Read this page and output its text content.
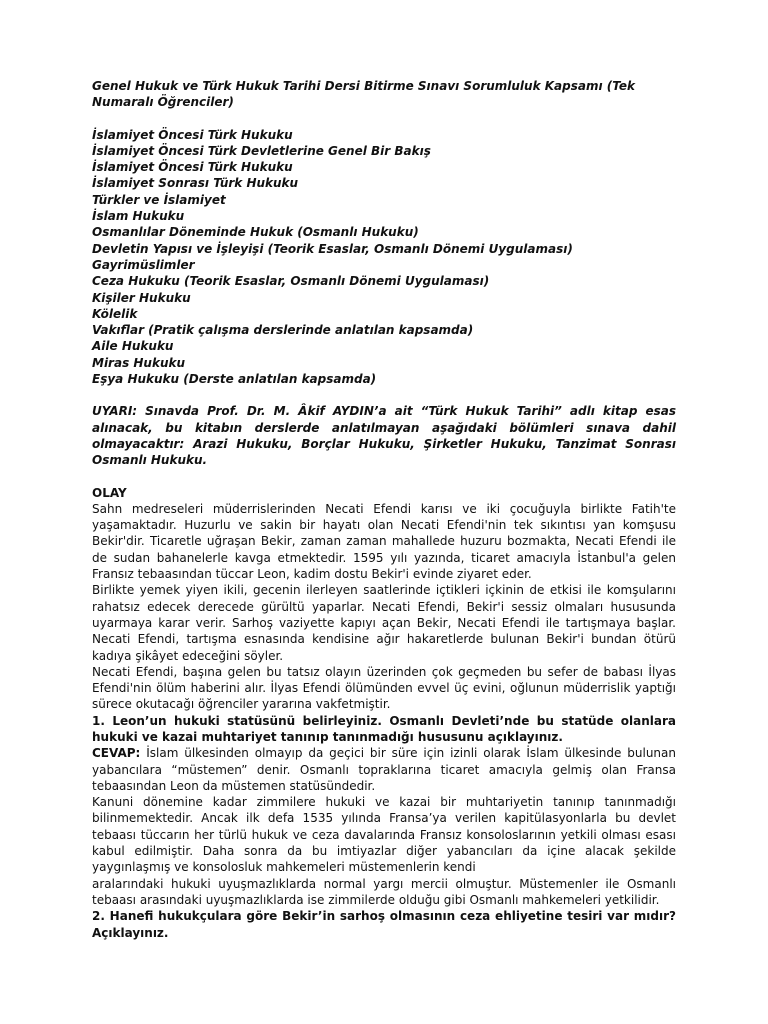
Genel Hukuk ve Türk Hukuk Tarihi Dersi Bitirme Sınavı Sorumluluk Kapsamı (Tek Numaralı Öğrenciler)

İslamiyet Öncesi Türk Hukuku
İslamiyet Öncesi Türk Devletlerine Genel Bir Bakış
İslamiyet Öncesi Türk Hukuku
İslamiyet Sonrası Türk Hukuku
Türkler ve İslamiyet
İslam Hukuku
Osmanlılar Döneminde Hukuk (Osmanlı Hukuku)
Devletin Yapısı ve İşleyişi (Teorik Esaslar, Osmanlı Dönemi Uygulaması)
Gayrimüslimler
Ceza Hukuku (Teorik Esaslar, Osmanlı Dönemi Uygulaması)
Kişiler Hukuku
Kölelik
Vakıflar (Pratik çalışma derslerinde anlatılan kapsamda)
Aile Hukuku
Miras Hukuku
Eşya Hukuku (Derste anlatılan kapsamda)

UYARI: Sınavda Prof. Dr. M. Âkif AYDIN’a ait “Türk Hukuk Tarihi” adlı kitap esas alınacak, bu kitabın derslerde anlatılmayan aşağıdaki bölümleri sınava dahil olmayacaktır: Arazi Hukuku, Borçlar Hukuku, Şirketler Hukuku, Tanzimat Sonrası Osmanlı Hukuku.

OLAY

Sahn medreseleri müderrislerinden Necati Efendi karısı ve iki çocuğuyla birlikte Fatih'te yaşamaktadır. Huzurlu ve sakin bir hayatı olan Necati Efendi'nin tek sıkıntısı yan komşusu Bekir'dir. Ticaretle uğraşan Bekir, zaman zaman mahallede huzuru bozmakta, Necati Efendi ile de sudan bahanelerle kavga etmektedir. 1595 yılı yazında, ticaret amacıyla İstanbul'a gelen Fransız tebaasından tüccar Leon, kadim dostu Bekir'i evinde ziyaret eder.

Birlikte yemek yiyen ikili, gecenin ilerleyen saatlerinde içtikleri içkinin de etkisi ile komşularını rahatsız edecek derecede gürültü yaparlar. Necati Efendi, Bekir'i sessiz olmaları hususunda uyarmaya karar verir. Sarhoş vaziyette kapıyı açan Bekir, Necati Efendi ile tartışmaya başlar. Necati Efendi, tartışma esnasında kendisine ağır hakaretlerde bulunan Bekir'i bundan ötürü kadıya şikâyet edeceğini söyler.

Necati Efendi, başına gelen bu tatsız olayın üzerinden çok geçmeden bu sefer de babası İlyas Efendi'nin ölüm haberini alır. İlyas Efendi ölümünden evvel üç evini, oğlunun müderrislik yaptığı sürece okutacağı öğrenciler yararına vakfetmiştir.

1. Leon’un hukuki statüsünü belirleyiniz. Osmanlı Devleti’nde bu statüde olanlara hukuki ve kazai muhtariyet tanınıp tanınmadığı hususunu açıklayınız.

CEVAP: İslam ülkesinden olmayıp da geçici bir süre için izinli olarak İslam ülkesinde bulunan yabancılara “müstemen” denir. Osmanlı topraklarına ticaret amacıyla gelmiş olan Fransa tebaasından Leon da müstemen statüsündedir.

Kanuni dönemine kadar zimmilere hukuki ve kazai bir muhtariyetin tanınıp tanınmadığı bilinmemektedir. Ancak ilk defa 1535 yılında Fransa’ya verilen kapitülasyonlarla bu devlet tebaası tüccarın her türlü hukuk ve ceza davalarında Fransız konsoloslarının yetkili olması esası kabul edilmiştir. Daha sonra da bu imtiyazlar diğer yabancıları da içine alacak şekilde yaygınlaşmış ve konsolosluk mahkemeleri müstemenlerin kendi

aralarındaki hukuki uyuşmazlıklarda normal yargı mercii olmuştur. Müstemenler ile Osmanlı tebaası arasındaki uyuşmazlıklarda ise zimmilerde olduğu gibi Osmanlı mahkemeleri yetkilidir.

2. Hanefi hukukçulara göre Bekir’in sarhoş olmasının ceza ehliyetine tesiri var mıdır? Açıklayınız.
